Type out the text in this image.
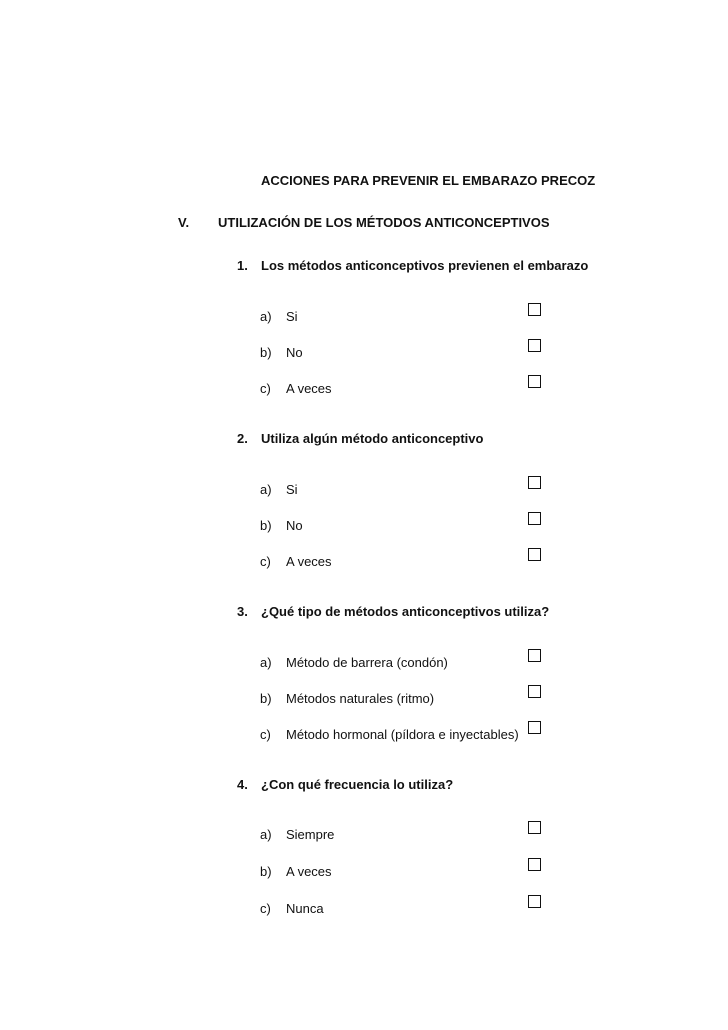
ACCIONES PARA PREVENIR EL EMBARAZO PRECOZ
V. UTILIZACIÓN DE LOS MÉTODOS ANTICONCEPTIVOS
1. Los métodos anticonceptivos previenen el embarazo
a) Si
b) No
c) A veces
2. Utiliza algún método anticonceptivo
a) Si
b) No
c) A veces
3. ¿Qué tipo de métodos anticonceptivos utiliza?
a) Método de barrera (condón)
b) Métodos naturales (ritmo)
c) Método hormonal (píldora e inyectables)
4. ¿Con qué frecuencia lo utiliza?
a) Siempre
b) A veces
c) Nunca
